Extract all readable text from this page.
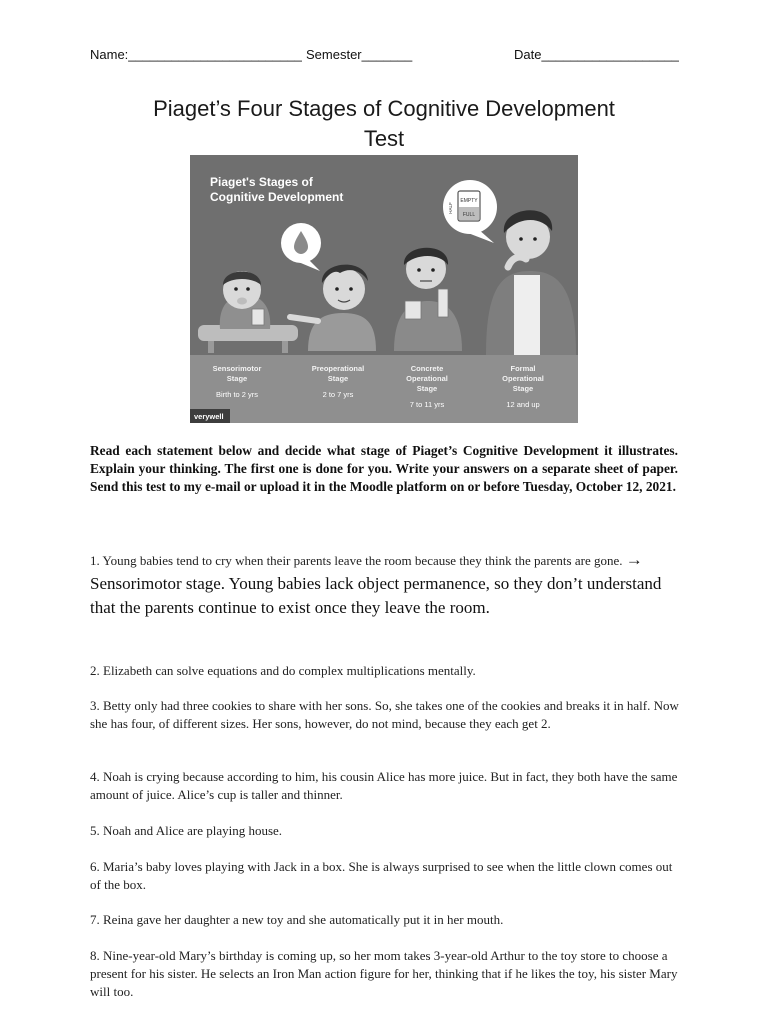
Name:________________________ Semester_______	Date___________________
Piaget’s Four Stages of Cognitive Development
Test
Piaget's Stages of
Cognitive Development	EMPTY
FULL
HALF
Sensorimotor
Stage
Birth to 2 yrs
Preoperational
Stage
2 to 7 yrs
Concrete
Operational
Stage
7 to 11 yrs
Formal
Operational
Stage
12 and up
verywell
Read each statement below and decide what stage of Piaget’s Cognitive Development it illustrates. Explain your thinking. The first one is done for you. Write your answers on a separate sheet of paper. Send this test to my e-mail or upload it in the Moodle platform on or before Tuesday, October 12, 2021.
1. Young babies tend to cry when their parents leave the room because they think the parents are gone. → Sensorimotor stage. Young babies lack object permanence, so they don’t understand that the parents continue to exist once they leave the room.
2. Elizabeth can solve equations and do complex multiplications mentally.
3. Betty only had three cookies to share with her sons. So, she takes one of the cookies and breaks it in half. Now she has four, of different sizes. Her sons, however, do not mind, because they each get 2.
4. Noah is crying because according to him, his cousin Alice has more juice. But in fact, they both have the same amount of juice. Alice’s cup is taller and thinner.
5. Noah and Alice are playing house.
6. Maria’s baby loves playing with Jack in a box. She is always surprised to see when the little clown comes out of the box.
7. Reina gave her daughter a new toy and she automatically put it in her mouth.
8. Nine-year-old Mary’s birthday is coming up, so her mom takes 3-year-old Arthur to the toy store to choose a present for his sister. He selects an Iron Man action figure for her, thinking that if he likes the toy, his sister Mary will too.
